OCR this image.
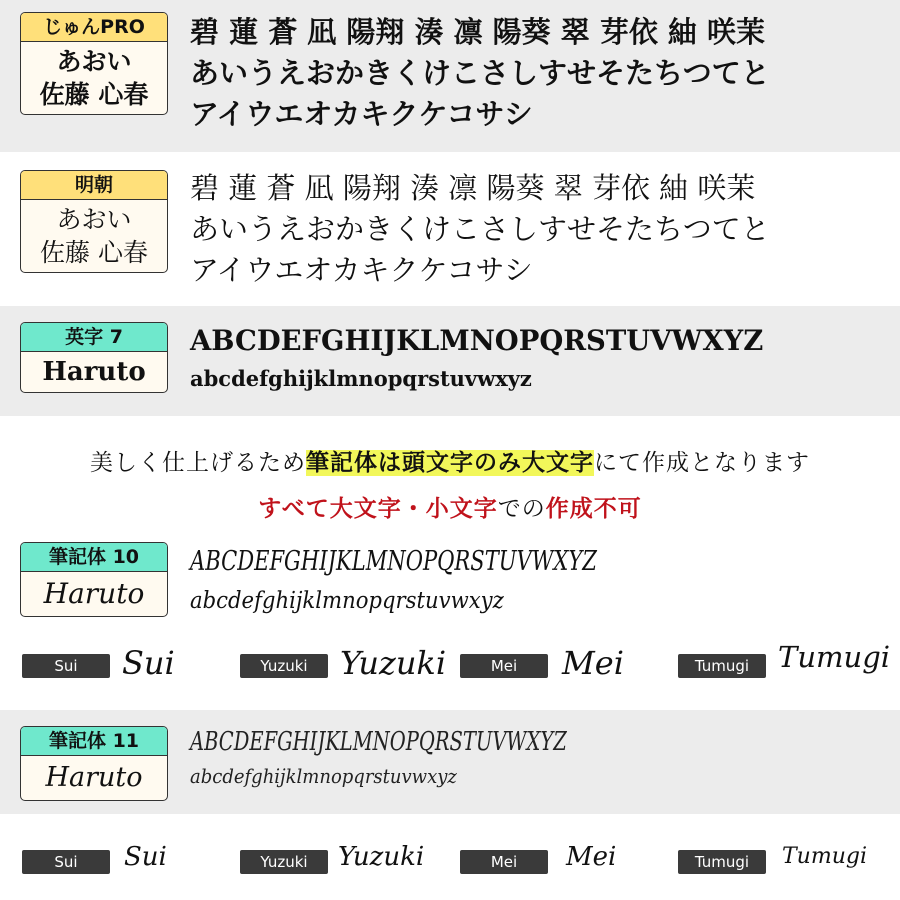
じゅんPRO
あおい
佐藤 心春
碧 蓮 蒼 凪 陽翔 湊 凛 陽葵 翠 芽依 紬 咲茉
あいうえおかきくけこさしすせそたちつてと
アイウエオカキクケコサシ
明朝
あおい
佐藤 心春
碧 蓮 蒼 凪 陽翔 湊 凛 陽葵 翠 芽依 紬 咲茉
あいうえおかきくけこさしすせそたちつてと
アイウエオカキクケコサシ
英字 7
Haruto
ABCDEFGHIJKLMNOPQRSTUVWXYZ
abcdefghijklmnopqrstuvwxyz
美しく仕上げるため筆記体は頭文字のみ大文字にて作成となります
すべて大文字・小文字での作成不可
筆記体 10
Haruto
ABCDEFGHIJKLMNOPQRSTUVWXYZ
abcdefghijklmnopqrstuvwxyz
Sui	Sui	Yuzuki	Yuzuki	Mei	Mei	Tumugi Tumugi
筆記体 11
Haruto
ABCDEFGHIJKLMNOPQRSTUVWXYZ
abcdefghijklmnopqrstuvwxyz
Sui	Sui	Yuzuki	Yuzuki	Mei	Mei	Tumugi	Tumugi
